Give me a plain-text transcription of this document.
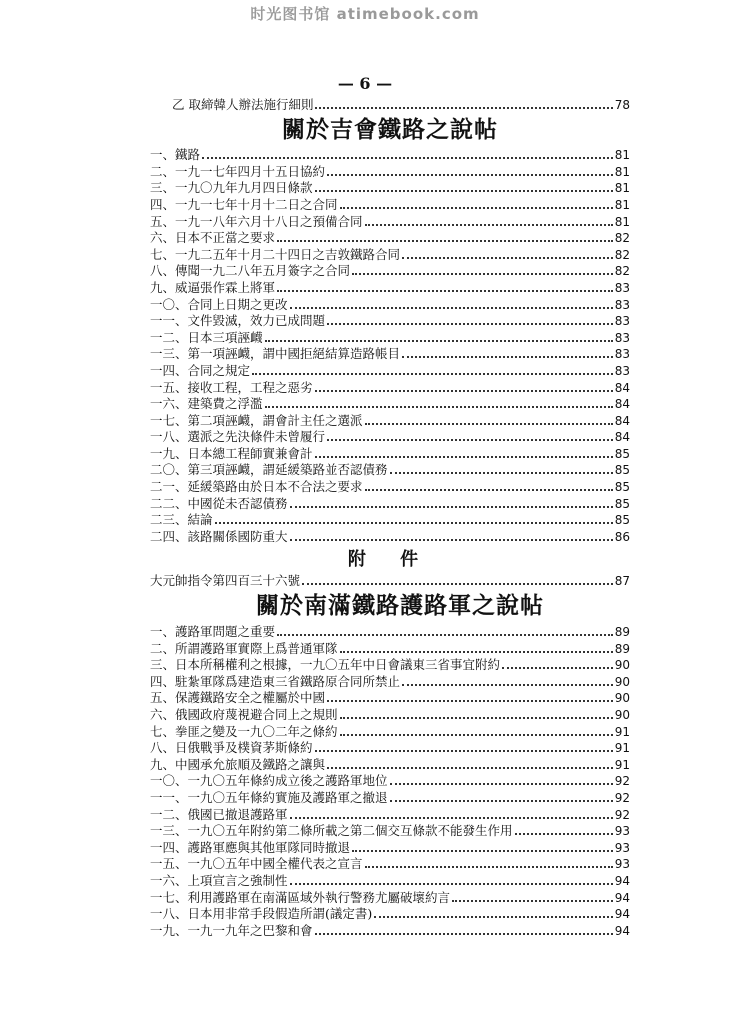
时光图书馆 atimebook.com
— 6 —
乙 取締韓人辦法施行細則	78
關於吉會鐵路之說帖
一、鐵路	81
二、一九一七年四月十五日協約	81
三、一九〇九年九月四日條款	81
四、一九一七年十月十二日之合同	81
五、一九一八年六月十八日之預備合同	81
六、日本不正當之要求	82
七、一九二五年十月二十四日之吉敦鐵路合同	82
八、傳聞一九二八年五月簽字之合同	82
九、威逼張作霖上將軍	83
一〇、合同上日期之更改	83
一一、文件毀滅，效力已成問題	83
一二、日本三項誣衊	83
一三、第一項誣衊，謂中國拒絕結算造路帳目	83
一四、合同之規定	83
一五、接收工程，工程之惡劣	84
一六、建築費之浮濫	84
一七、第二項誣衊，謂會計主任之選派	84
一八、選派之先決條件未曾履行	84
一九、日本總工程師實兼會計	85
二〇、第三項誣衊，謂延緩築路並否認債務	85
二一、延緩築路由於日本不合法之要求	85
二二、中國從未否認債務	85
二三、結論	85
二四、該路關係國防重大	86
附 件
大元帥指令第四百三十六號	87
關於南滿鐵路護路軍之說帖
一、護路軍問題之重要	89
二、所謂護路軍實際上爲普通軍隊	89
三、日本所稱權利之根據，一九〇五年中日會議東三省事宜附約	90
四、駐紮軍隊爲建造東三省鐵路原合同所禁止	90
五、保護鐵路安全之權屬於中國	90
六、俄國政府蔑視避合同上之規則	90
七、拳匪之變及一九〇二年之條約	91
八、日俄戰爭及樸資茅斯條約	91
九、中國承允旅順及鐵路之讓與	91
一〇、一九〇五年條約成立後之護路軍地位	92
一一、一九〇五年條約實施及護路軍之撤退	92
一二、俄國已撤退護路軍	92
一三、一九〇五年附約第二條所載之第二個交互條款不能發生作用	93
一四、護路軍應與其他軍隊同時撤退	93
一五、一九〇五年中國全權代表之宣言	93
一六、上項宣言之強制性	94
一七、利用護路軍在南滿區域外執行警務尤屬破壞約言	94
一八、日本用非常手段假造所謂(議定書)	94
一九、一九一九年之巴黎和會	94
